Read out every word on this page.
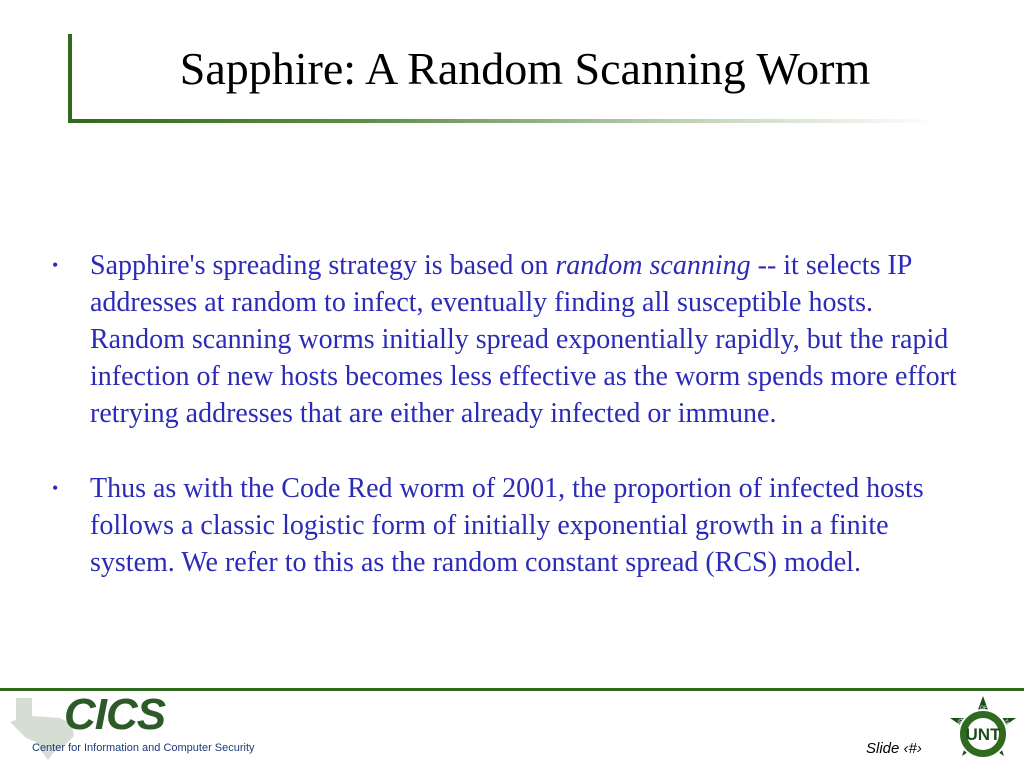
Sapphire: A Random Scanning Worm
• Sapphire's spreading strategy is based on random scanning -- it selects IP addresses at random to infect, eventually finding all susceptible hosts. Random scanning worms initially spread exponentially rapidly, but the rapid infection of new hosts becomes less effective as the worm spends more effort retrying addresses that are either already infected or immune.
• Thus as with the Code Red worm of 2001, the proportion of infected hosts follows a classic logistic form of initially exponential growth in a finite system. We refer to this as the random constant spread (RCS) model.
CICS
Center for Information and Computer Security	Slide ‹#›
UNT
UNIVERSITY OF NORTH TEXA
